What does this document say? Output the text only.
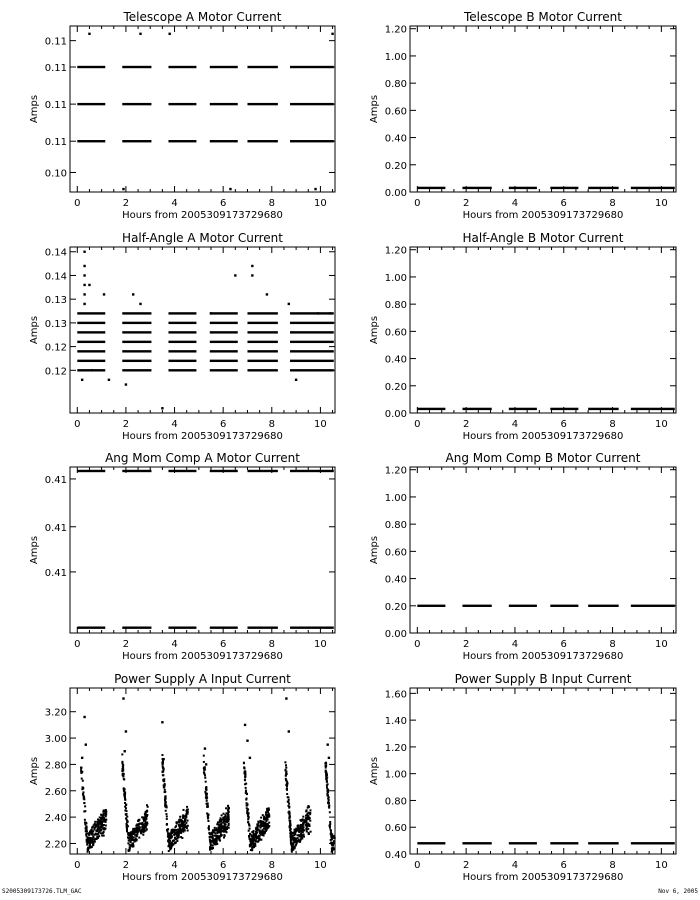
Telescope A Motor Current
Hours from 2005309173729680
Amps
0	2	4	6	8	10
0.10
0.11
0.11
0.11
0.11
Telescope B Motor Current
Hours from 2005309173729680
Amps
0	2	4	6	8	10
0.00
0.20
0.40
0.60
0.80
1.00
1.20
Half-Angle A Motor Current
Hours from 2005309173729680
Amps
0	2	4	6	8	10
0.12
0.12
0.13
0.13
0.14
0.14
Half-Angle B Motor Current
Hours from 2005309173729680
Amps
0	2	4	6	8	10
0.00
0.20
0.40
0.60
0.80
1.00
1.20
Ang Mom Comp A Motor Current
Hours from 2005309173729680
Amps
0	2	4	6	8	10
0.41
0.41
0.41
Ang Mom Comp B Motor Current
Hours from 2005309173729680
Amps
0	2	4	6	8	10
0.00
0.20
0.40
0.60
0.80
1.00
1.20
Power Supply A Input Current
Hours from 2005309173729680
Amps
0	2	4	6	8	10
2.20
2.40
2.60
2.80
3.00
3.20
Power Supply B Input Current
Hours from 2005309173729680
Amps
0	2	4	6	8	10
0.40
0.60
0.80
1.00
1.20
1.40
1.60
S2005309173726.TLM_GAC	Nov 6, 2005
